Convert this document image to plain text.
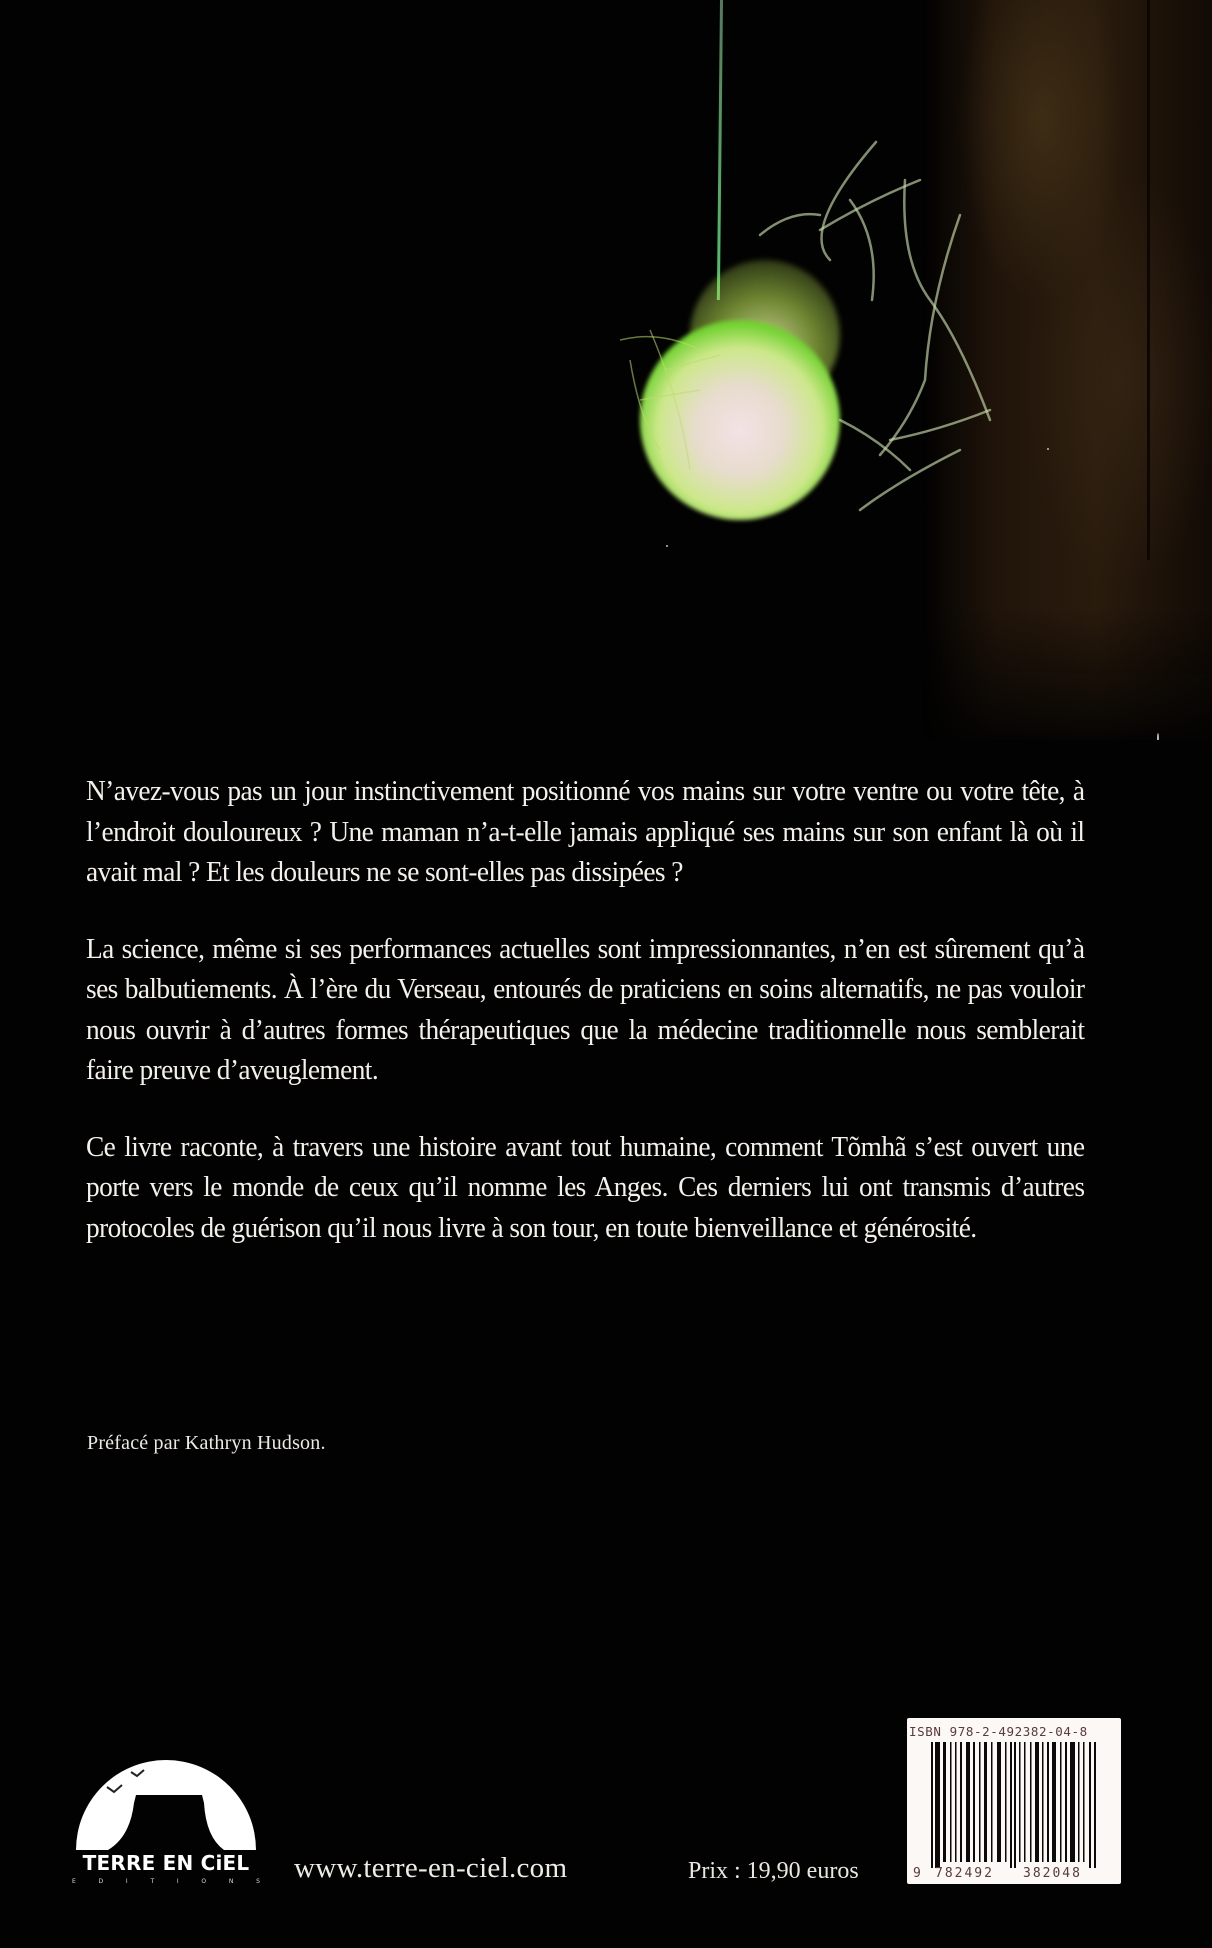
N’avez-vous pas un jour instinctivement positionné vos mains sur votre ventre ou votre tête, à l’endroit douloureux ? Une maman n’a-t-elle jamais appliqué ses mains sur son enfant là où il avait mal ? Et les douleurs ne se sont-elles pas dissipées ?

La science, même si ses performances actuelles sont impressionnantes, n’en est sûrement qu’à ses balbutiements. À l’ère du Verseau, entourés de praticiens en soins alternatifs, ne pas vouloir nous ouvrir à d’autres formes thérapeutiques que la médecine traditionnelle nous semblerait faire preuve d’aveuglement.

Ce livre raconte, à travers une histoire avant tout humaine, comment Tõmhã s’est ouvert une porte vers le monde de ceux qu’il nomme les Anges. Ces derniers lui ont transmis d’autres protocoles de guérison qu’il nous livre à son tour, en toute bienveillance et générosité.

Préfacé par Kathryn Hudson.
TERRE EN CiEL
E	D	I	T	I	O	N	S www.terre-en-ciel.com	Prix : 19,90 euros
ISBN 978-2-492382-04-8
9	782492	382048
